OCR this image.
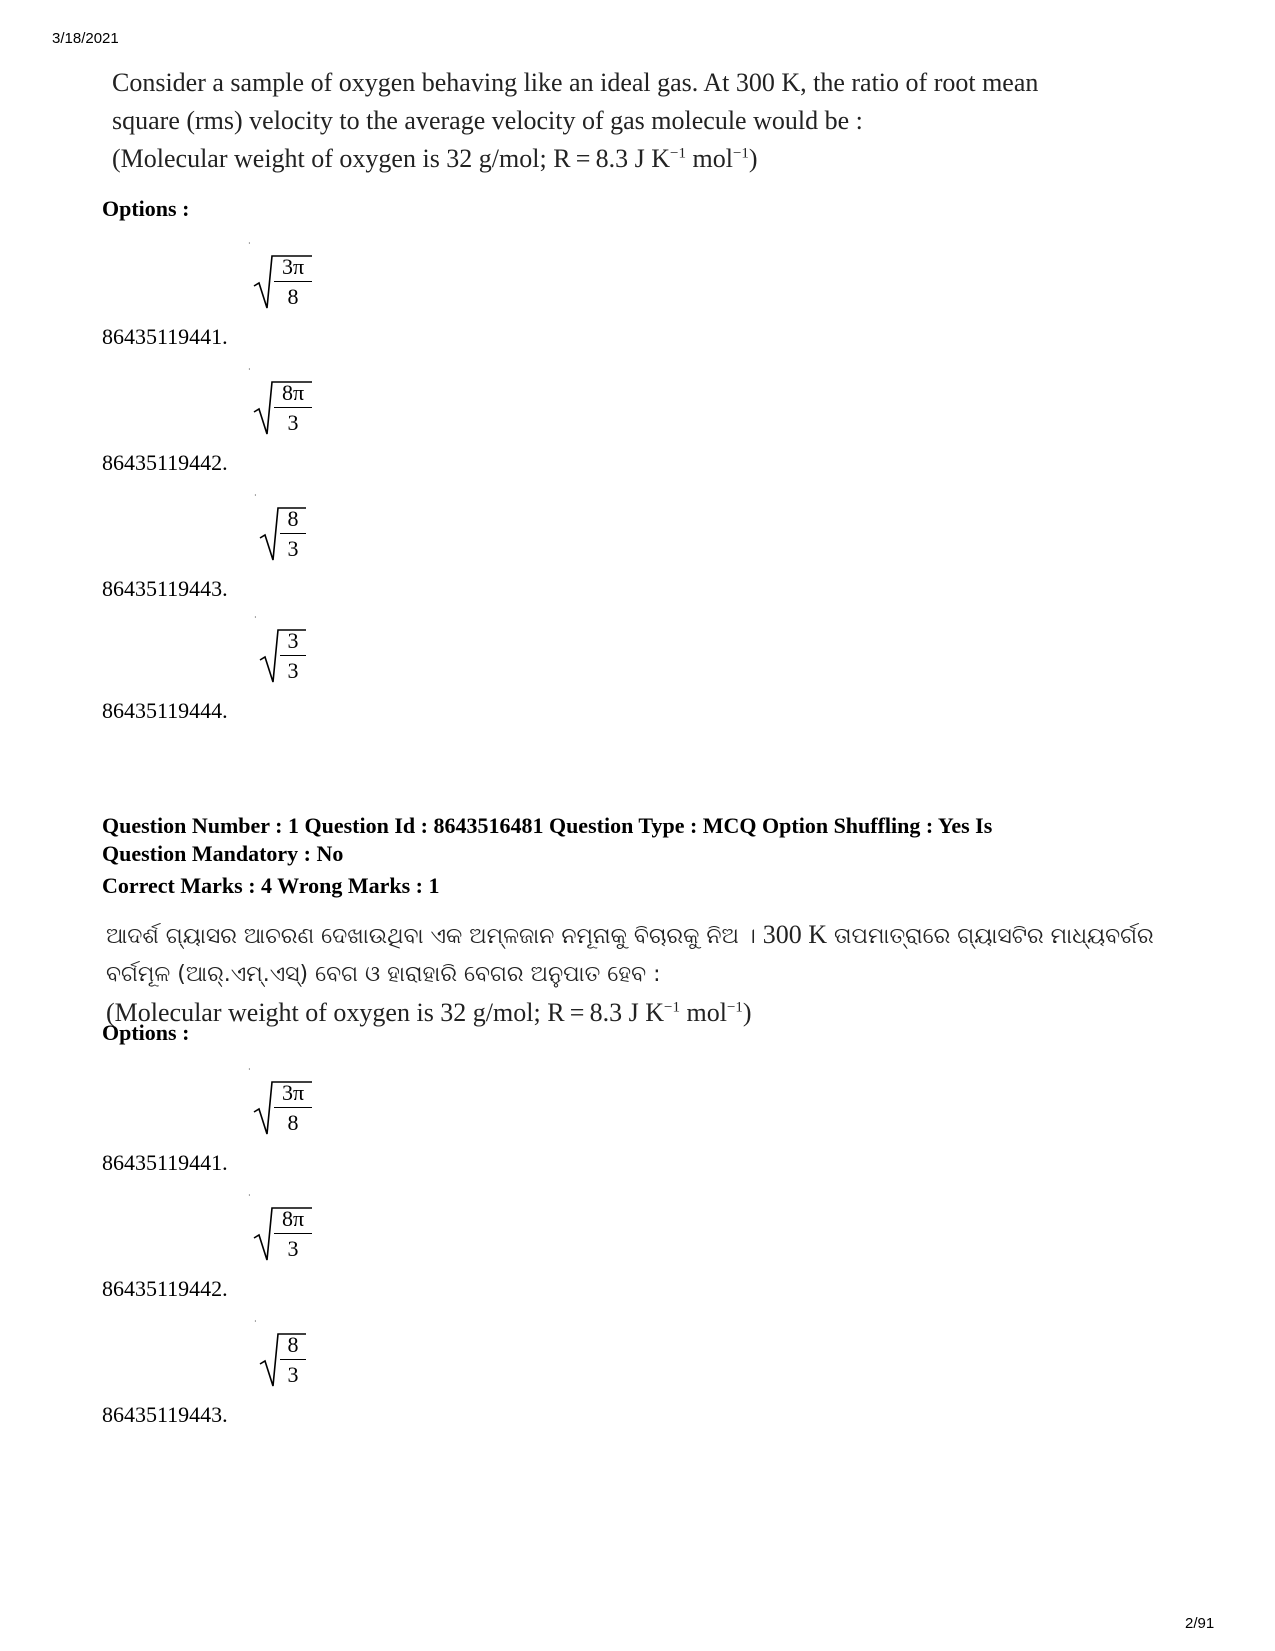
3/18/2021

Consider a sample of oxygen behaving like an ideal gas. At 300 K, the ratio of root mean

square (rms) velocity to the average velocity of gas molecule would be :

(Molecular weight of oxygen is 32 g/mol; R = 8.3 J $K^{-1}$ mol$^{-1}$)

Options :
·
$\frac{3\pi}{8}$
86435119441.
·
$\frac{8\pi}{3}$
86435119442.
·
$\frac{8}{3}$
86435119443.
·
$\frac{3}{3}$
86435119444.

Question Number : 1 Question Id : 8643516481 Question Type : MCQ Option Shuffling : Yes Is

Question Mandatory : No

Correct Marks : 4 Wrong Marks : 1

ଆଦର୍ଶ ଗ୍ୟାସର ଆଚରଣ ଦେଖାଉଥିବା ଏକ ଅମ୍ଳଜାନ ନମୂନାକୁ ବିଚାରକୁ ନିଅ । 300 K ତାପମାତ୍ରାରେ ଗ୍ୟାସଟିର ମାଧ୍ୟବର୍ଗର

ବର୍ଗମୂଳ (ଆର୍.ଏମ୍.ଏସ୍) ବେଗ ଓ ହାରାହାରି ବେଗର ଅନୁପାତ ହେବ :

(Molecular weight of oxygen is 32 g/mol; R = 8.3 J $K^{-1}$ mol$^{-1}$)

Options :
·
$\frac{3\pi}{8}$
86435119441.
·
$\frac{8\pi}{3}$
86435119442.
·
$\frac{8}{3}$
86435119443.
2/91
